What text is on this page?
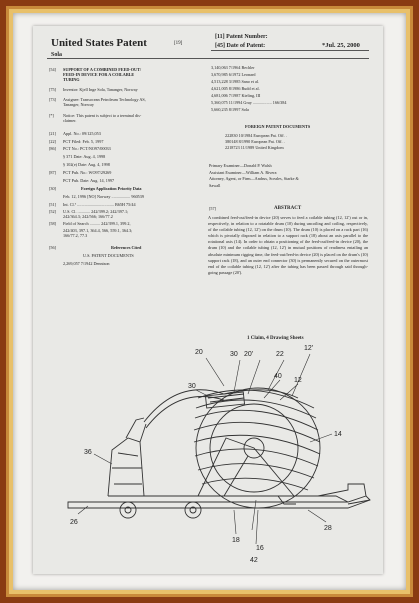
United States Patent	[19]
Sola
[11] Patent Number:
[45] Date of Patent:	*Jul. 25, 2000
[54] SUPPORT OF A COMBINED FEED-OUT/
FEED-IN DEVICE FOR A COILABLE
TUBING
[75] Inventor: Kjell Inge Sola, Tananger, Norway
[73] Assignee: Transocean Petroleum Technology AS,
Tananger, Norway
[*] Notice: This patent is subject to a terminal dis-
claimer.
[21] Appl. No.: 09/125,053
[22] PCT Filed: Feb. 5, 1997
[86] PCT No.: PCT/NO97/00033
§ 371 Date: Aug. 4, 1998
§ 102(e) Date: Aug. 4, 1998
[87] PCT Pub. No.: WO97/29269
PCT Pub. Date: Aug. 14, 1997
[30]	Foreign Application Priority Data
Feb. 12, 1996 [NO] Norway .................. 960539
[51] Int. Cl.⁷ ................................... B65H 75/44
[52] U.S. Cl. ............ 242/399.2; 242/397.1;
242/364.3; 242/566; 166/77.2
[58] Field of Search .......... 242/399.1, 399.2,
242/403, 397.1, 364.4, 566, 559.1, 364.3;
166/77.2, 77.3
[56]	References Cited
U.S. PATENT DOCUMENTS
2,269,057 7/1942 Dennison
3,140,063 7/1964 Bechler
3,670,985 6/1972 Leonard
4,513,228 3/1985 Sano et al.
4,621,005 8/1986 Budd et al.
4,681,006 7/1987 Kieling, III
5,360,075 11/1994 Gray .................. 166/384
5,660,235 8/1997 Sola
FOREIGN PATENT DOCUMENTS
222830 10/1984 European Pat. Off. .
380148 8/1990 European Pat. Off. .
2218723 11/1989 United Kingdom
Primary Examiner—Donald P. Walsh
Assistant Examiner—William A. Rivera
Attorney, Agent, or Firm—Andrus, Sceales, Starke &
Sawall
[57]	ABSTRACT
A combined feed-out/feed-in device (20) serves to feed a coilable tubing (12, 12') out or in, respectively, in relation to a rotatable drum (10) during uncoiling and coiling, respectively, of the coilable tubing (12, 12') on the drum (10). The drum (10) is placed on a rack part (16) which is pivotally disposed in relation to a support rack (18) about an axis parallel to the rotational axis (14). In order to obtain a positioning of the feed-out/feed-in device (20), the drum (10) and the coilable tubing (12, 12') in mutual positions of readiness entailing an absolute minimum rigging time, the feed-out/feed-in device (20) is placed on the drum's (10) support rack (18), and an outer end connector (30) is permanently secured on the outermost end of the coilable tubing (12, 12') after the tubing has been passed through said through-going passage (20').
1 Claim, 4 Drawing Sheets
20	30 20'	22
12'
30
40
12
14
36
16
18
42
28
26
